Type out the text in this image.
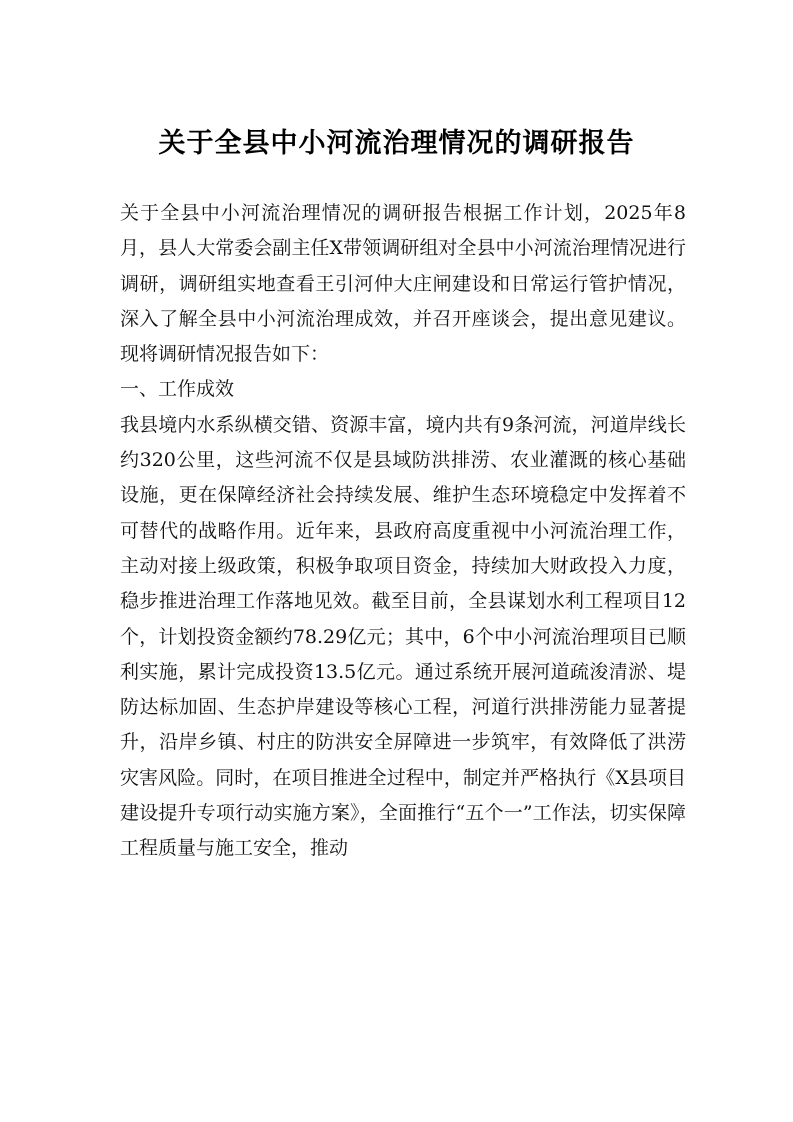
关于全县中小河流治理情况的调研报告

关于全县中小河流治理情况的调研报告根据工作计划，2025年8月，县人大常委会副主任X带领调研组对全县中小河流治理情况进行调研，调研组实地查看王引河仲大庄闸建设和日常运行管护情况，深入了解全县中小河流治理成效，并召开座谈会，提出意见建议。现将调研情况报告如下：

一、工作成效

我县境内水系纵横交错、资源丰富，境内共有9条河流，河道岸线长约320公里，这些河流不仅是县域防洪排涝、农业灌溉的核心基础设施，更在保障经济社会持续发展、维护生态环境稳定中发挥着不可替代的战略作用。近年来，县政府高度重视中小河流治理工作，主动对接上级政策，积极争取项目资金，持续加大财政投入力度，稳步推进治理工作落地见效。截至目前，全县谋划水利工程项目12个，计划投资金额约78.29亿元；其中，6个中小河流治理项目已顺利实施，累计完成投资13.5亿元。通过系统开展河道疏浚清淤、堤防达标加固、生态护岸建设等核心工程，河道行洪排涝能力显著提升，沿岸乡镇、村庄的防洪安全屏障进一步筑牢，有效降低了洪涝灾害风险。同时，在项目推进全过程中，制定并严格执行《X县项目建设提升专项行动实施方案》，全面推行“五个一”工作法，切实保障工程质量与施工安全，推动
